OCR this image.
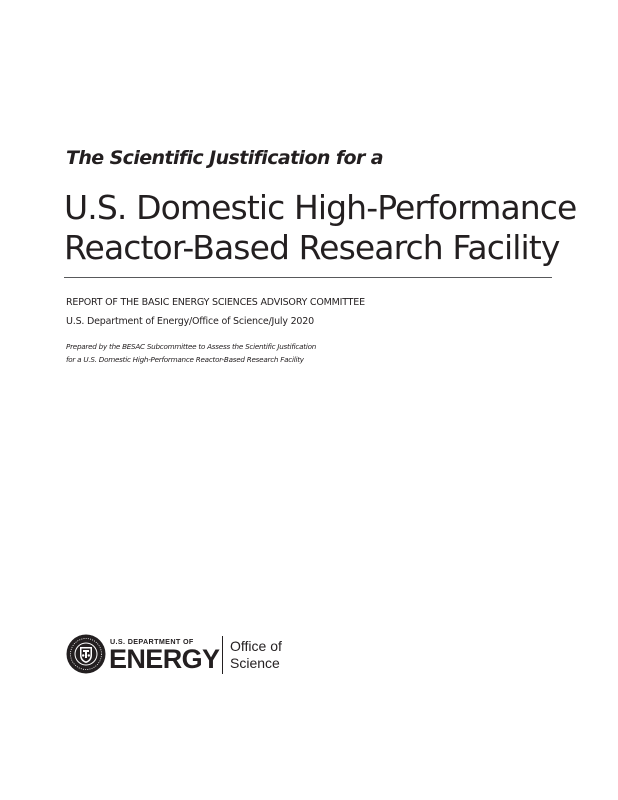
The Scientific Justification for a
U.S. Domestic High-Performance
Reactor-Based Research Facility

REPORT OF THE BASIC ENERGY SCIENCES ADVISORY COMMITTEE

U.S. Department of Energy/Office of Science/July 2020

Prepared by the BESAC Subcommittee to Assess the Scientific Justification
for a U.S. Domestic High-Performance Reactor-Based Research Facility

U.S. DEPARTMENT OF
ENERGY Office of
Science
